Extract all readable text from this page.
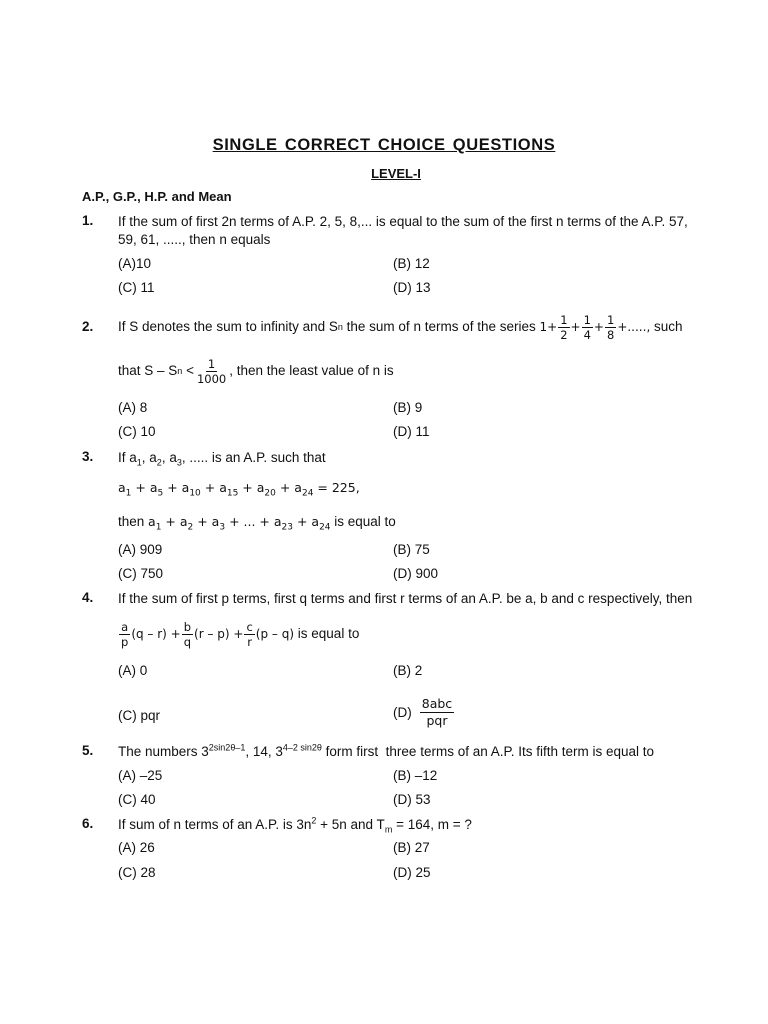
SINGLE CORRECT CHOICE QUESTIONS
LEVEL-I
A.P., G.P., H.P. and Mean
1. If the sum of first 2n terms of A.P. 2, 5, 8,... is equal to the sum of the first n terms of the A.P. 57,
59, 61, ....., then n equals
(A)10	(B) 12
(C) 11	(D) 13
2. If S denotes the sum to infinity and S n the sum of n terms of the series $1 + \frac{1}{2} + \frac{1}{4} + \frac{1}{8}$ +....., such
that S – S $n < \frac{1}{1000}$ , then the least value of n is
(A) 8	(B) 9
(C) 10	(D) 11
3. If $a_1$, $a_2$, $a_3$, ..... is an A.P. such that
$a_1 + a_5 + a_{10} + a_{15} + a_{20} + a_{24} = 225$,
then $a_1 + a_2 + a_3$ + ... + $a_{23} + a_{24}$ is equal to
(A) 909	(B) 75
(C) 750	(D) 900
4. If the sum of first p terms, first q terms and first r terms of an A.P. be a, b and c respectively, then
$\frac{a}{p} (q - r) + \frac{b}{q} (r - p) + \frac{c}{r} (p - q)$ is equal to
(A) 0	(B) 2
(C) pqr	$(D) \frac{\text{8abc}}{\text{pqr}}$
5. The numbers $3^{2sin2\theta-1}$, 14, $3^{4-2 sin2\theta}$ form first  three terms of an A.P. Its fifth term is equal to
(A) –25	(B) –12
(C) 40	(D) 53
6. If sum of n terms of an A.P. is $3n^2 + 5n$ and $T_m = 164$, m = ?
(A) 26	(B) 27
(C) 28	(D) 25
